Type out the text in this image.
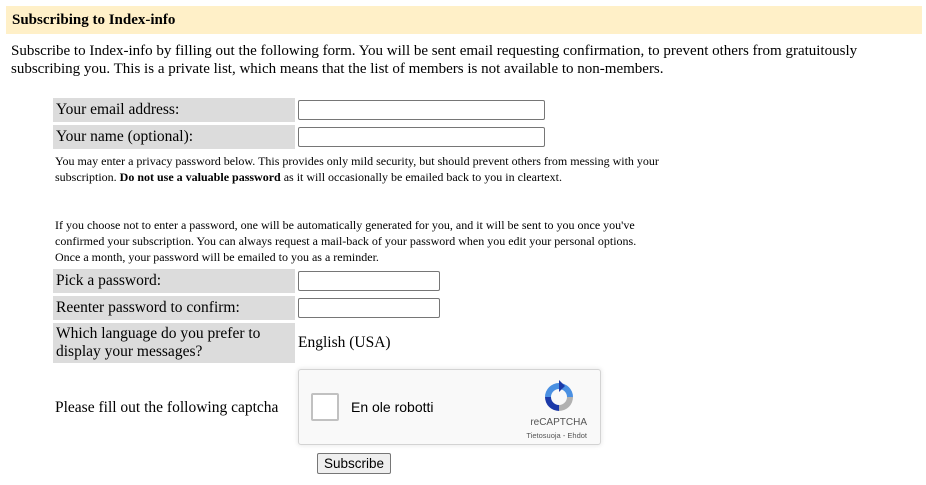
Subscribing to Index-info

Subscribe to Index-info by filling out the following form. You will be sent email requesting confirmation, to prevent others from gratuitously subscribing you. This is a private list, which means that the list of members is not available to non-members.

Your email address:
Your name (optional):

You may enter a privacy password below. This provides only mild security, but should prevent others from messing with your subscription. Do not use a valuable password as it will occasionally be emailed back to you in cleartext.

If you choose not to enter a password, one will be automatically generated for you, and it will be sent to you once you've confirmed your subscription. You can always request a mail-back of your password when you edit your personal options. Once a month, your password will be emailed to you as a reminder.

Pick a password:
Reenter password to confirm:
Which language do you prefer to display your messages?
English (USA)
Please fill out the following captcha	En ole robotti
reCAPTCHA
Tietosuoja - Ehdot
Subscribe
